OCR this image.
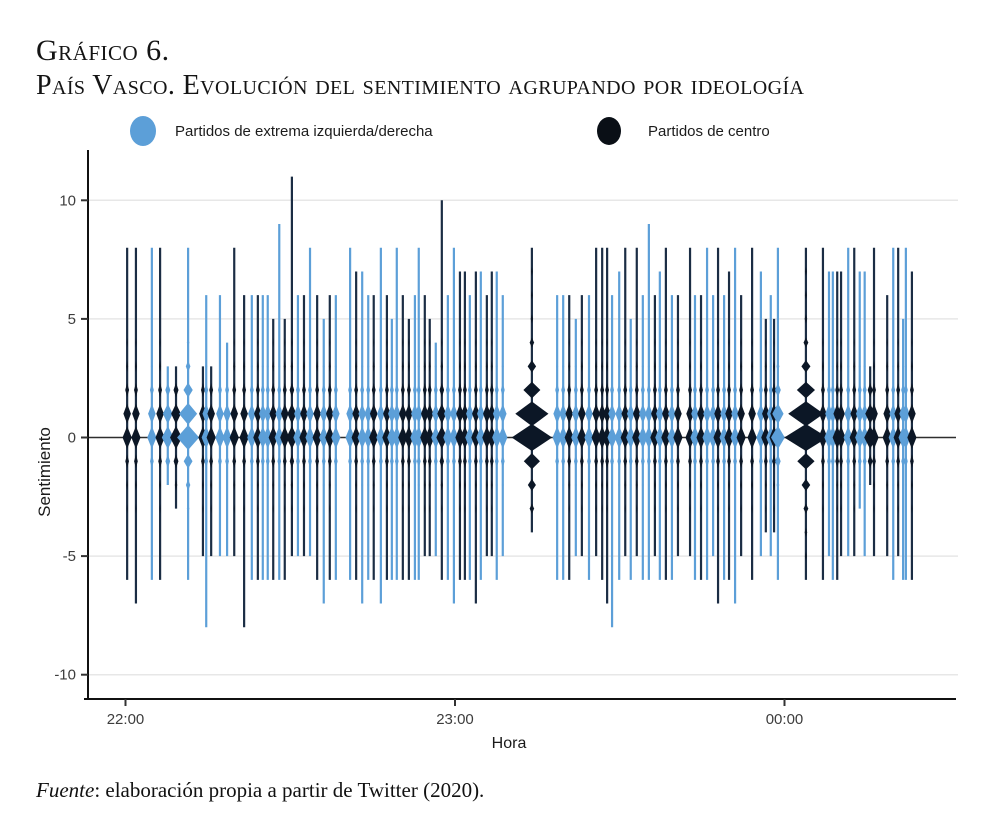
Gráfico 6.
País Vasco. Evolución del sentimiento agrupando por ideología
Partidos de extrema izquierda/derecha	Partidos de centro
10
5
0
-5
-10
22:00	23:00	00:00
Sentimiento
Hora
Fuente: elaboración propia a partir de Twitter (2020).
